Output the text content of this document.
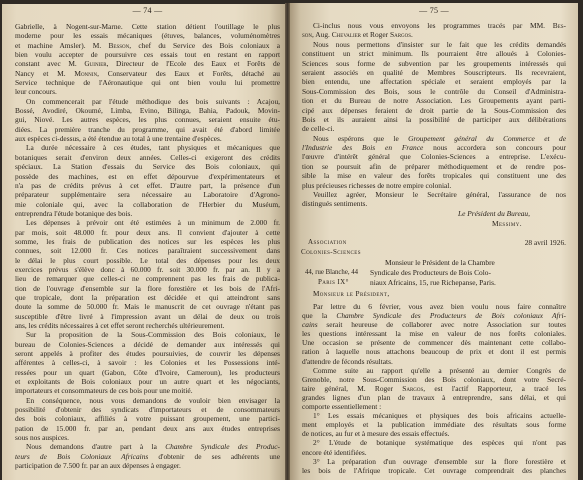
— 74 —
Gabrielle, à Nogent-sur-Marne. Cette station détient l'outillage le plus
moderne pour les essais mécaniques (étuves, balances, voluménomètres
et machine Amsler). M. Besson, chef du Service des Bois coloniaux a
bien voulu accepter de poursuivre ces essais tout en restant en rapport
constant avec M. Guinier, Directeur de l'Ecole des Eaux et Forêts de
Nancy et M. Monnin, Conservateur des Eaux et Forêts, détaché au
Service technique de l'Aéronautique qui ont bien voulu lui promettre
leur concours.
On commencerait par l'étude méthodique des bois suivants : Acajou,
Bossé, Avodiré, Okoumé, Limba, Evino, Bilinga, Bahia, Padouk, Movin-
gui, Niové. Les autres espèces, les plus connues, seraient ensuite étu-
diées. La première tranche du programme, qui avait été d'abord limitée
aux espèces ci-dessus, a été étendue au total à une trentaine d'espèces.
La durée nécessaire à ces études, tant physiques et mécaniques que
botaniques serait d'environ deux années. Celles-ci exigeront des crédits
spéciaux. La Station d'essais du Service des Bois coloniaux, qui
possède des machines, est en effet dépourvue d'expérimentateurs et
n'a pas de crédits prévus à cet effet. D'autre part, la présence d'un
préparateur supplémentaire sera nécessaire au Laboratoire d'Agrono-
mie coloniale qui, avec la collaboration de l'Herbier du Muséum,
entreprendra l'étude botanique des bois.
Les dépenses à prévoir ont été estimées à un minimum de 2.000 fr.
par mois, soit 48.000 fr. pour deux ans. Il convient d'ajouter à cette
somme, les frais de publication des notices sur les espèces les plus
connues, soit 12.000 fr. Ces notices paraîtraient successivement dans
le délai le plus court possible. Le total des dépenses pour les deux
exercices prévus s'élève donc à 60.000 fr. soit 30.000 fr. par an. Il y a
lieu de remarquer que celles-ci ne comprennent pas les frais de publica-
tion de l'ouvrage d'ensemble sur la flore forestière et les bois de l'Afri-
que tropicale, dont la préparation est décidée et qui atteindront sans
doute la somme de 50.000 fr. Mais le manuscrit de cet ouvrage n'étant pas
susceptible d'être livré à l'impression avant un délai de deux ou trois
ans, les crédits nécessaires à cet effet seront recherchés ultérieurement.
Sur la proposition de la Sous-Commission des Bois coloniaux, le
bureau de Colonies-Sciences a décidé de demander aux intéressés qui
seront appelés à profiter des études poursuivies, de couvrir les dépenses
afférentes à celles-ci, à savoir : les Colonies et les Possessions inté-
ressées pour un quart (Gabon, Côte d'Ivoire, Cameroun), les producteurs
et exploitants de Bois coloniaux pour un autre quart et les négociants,
importateurs et consommateurs de ces bois pour une moitié.
En conséquence, nous vous demandons de vouloir bien envisager la
possibilité d'obtenir des syndicats d'importateurs et de consommateurs
des bois coloniaux, affiliés à votre puissant groupement, une partici-
pation de 15.000 fr. par an, pendant deux ans aux études entreprises
sous nos auspices.
Nous demandons d'autre part à la Chambre Syndicale des Produc-
teurs de Bois Coloniaux Africains d'obtenir de ses adhérents une
participation de 7.500 fr. par an aux dépenses à engager.
— 75 —
Ci-inclus nous vous envoyons les programmes tracés par MM. Bes-
son, Aug. Chevalier et Roger Sargos.
Nous nous permettons d'insister sur le fait que les crédits demandés
constituent un strict minimum. Ils pourraient être alloués à Colonies-
Sciences sous forme de subvention par les groupements intéressés qui
seraient associés en qualité de Membres Souscripteurs. Ils recevraient,
bien entendu, une affectation spéciale et seraient employés par la
Sous-Commission des Bois, sous le contrôle du Conseil d'Administra-
tion et du Bureau de notre Association. Les Groupements ayant parti-
cipé aux dépenses feraient de droit partie de la Sous-Commission des
Bois et ils auraient ainsi la possibilité de participer aux délibérations
de celle-ci.
Nous espérons que le Groupement général du Commerce et de
l'Industrie des Bois en France nous accordera son concours pour
l'œuvre d'intérêt général que Colonies-Sciences a entreprise. L'exécu-
tion se poursuit afin de préparer méthodiquement et de rendre pos-
sible la mise en valeur des forêts tropicales qui constituent une des
plus précieuses richesses de notre empire colonial.
Veuillez agréer, Monsieur le Secrétaire général, l'assurance de nos
distingués sentiments.
Le Président du Bureau,
Messimy.
Association	28 avril 1926.
Colonies-Sciences
Monsieur le Président de la Chambre
44, rue Blanche, 44 Syndicale des Producteurs de Bois Colo-
Paris IX°	niaux Africains, 15, rue Richepanse, Paris.
Monsieur le Président,
Par lettre du 6 février, vous avez bien voulu nous faire connaître
que la Chambre Syndicale des Producteurs de Bois coloniaux Afri-
cains serait heureuse de collaborer avec notre Association sur toutes
les questions intéressant la mise en valeur de nos forêts coloniales.
Une occasion se présente de commencer dès maintenant cette collabo-
ration à laquelle nous attachons beaucoup de prix et dont il est permis
d'attendre de féconds résultats.
Comme suite au rapport qu'elle a présenté au dernier Congrès de
Grenoble, notre Sous-Commission des Bois coloniaux, dont votre Secré-
taire général, M. Roger Sargos, est l'actif Rapporteur, a tracé les
grandes lignes d'un plan de travaux à entreprendre, sans délai, et qui
comporte essentiellement :
1° Les essais mécaniques et physiques des bois africains actuelle-
ment employés et la publication immédiate des résultats sous forme
de notices, au fur et à mesure des essais effectués.
2° L'étude de botanique systématique des espèces qui n'ont pas
encore été identifiées.
3° La préparation d'un ouvrage d'ensemble sur la flore forestière et
les bois de l'Afrique tropicale. Cet ouvrage comprendrait des planches
